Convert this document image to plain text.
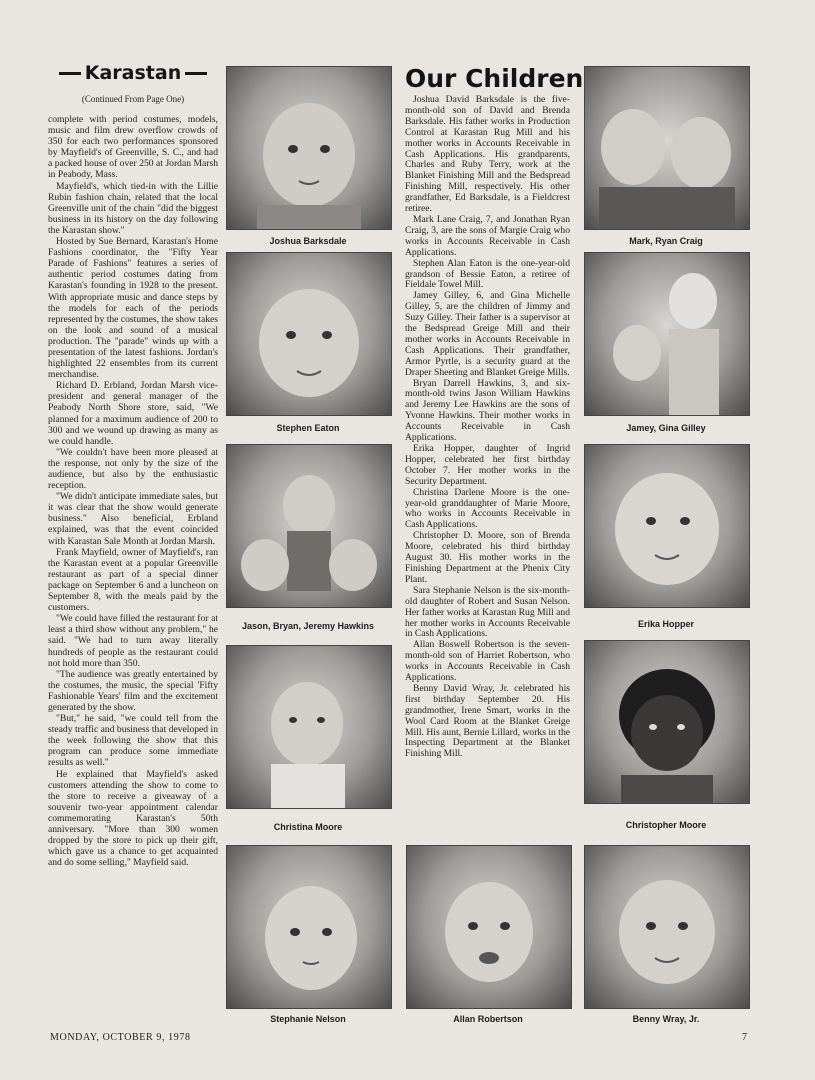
Karastan
(Continued From Page One)

complete with period costumes, models, music and film drew overflow crowds of 350 for each two performances sponsored by Mayfield's of Greenville, S. C., and had a packed house of over 250 at Jordan Marsh in Peabody, Mass.

Mayfield's, which tied-in with the Lillie Rubin fashion chain, related that the local Greenville unit of the chain "did the biggest business in its history on the day following the Karastan show."

Hosted by Sue Bernard, Karastan's Home Fashions coordinator, the "Fifty Year Parade of Fashions" features a series of authentic period costumes dating from Karastan's founding in 1928 to the present. With appropriate music and dance steps by the models for each of the periods represented by the costumes, the show takes on the look and sound of a musical production. The "parade" winds up with a presentation of the latest fashions. Jordan's highlighted 22 ensembles from its current merchandise.

Richard D. Erbland, Jordan Marsh vice-president and general manager of the Peabody North Shore store, said, "We planned for a maximum audience of 200 to 300 and we wound up drawing as many as we could handle.

"We couldn't have been more pleased at the response, not only by the size of the audience, but also by the enthusiastic reception.

"We didn't anticipate immediate sales, but it was clear that the show would generate business." Also beneficial, Erbland explained, was that the event coincided with Karastan Sale Month at Jordan Marsh.

Frank Mayfield, owner of Mayfield's, ran the Karastan event at a popular Greenville restaurant as part of a special dinner package on September 6 and a luncheon on September 8, with the meals paid by the customers.

"We could have filled the restaurant for at least a third show without any problem," he said. "We had to turn away literally hundreds of people as the restaurant could not hold more than 350.

"The audience was greatly entertained by the costumes, the music, the special 'Fifty Fashionable Years' film and the excitement generated by the show.

"But," he said, "we could tell from the steady traffic and business that developed in the week following the show that this program can produce some immediate results as well."

He explained that Mayfield's asked customers attending the show to come to the store to receive a giveaway of a souvenir two-year appointment calendar commemorating Karastan's 50th anniversary. "More than 300 women dropped by the store to pick up their gift, which gave us a chance to get acquainted and do some selling," Mayfield said.

Joshua Barksdale
Stephen Eaton
Jason, Bryan, Jeremy Hawkins
Christina Moore
Stephanie Nelson
Our Children

Joshua David Barksdale is the five-month-old son of David and Brenda Barksdale. His father works in Production Control at Karastan Rug Mill and his mother works in Accounts Receivable in Cash Applications. His grandparents, Charles and Ruby Terry, work at the Blanket Finishing Mill and the Bedspread Finishing Mill, respectively. His other grandfather, Ed Barksdale, is a Fieldcrest retiree.

Mark Lane Craig, 7, and Jonathan Ryan Craig, 3, are the sons of Margie Craig who works in Accounts Receivable in Cash Applications.

Stephen Alan Eaton is the one-year-old grandson of Bessie Eaton, a retiree of Fieldale Towel Mill.

Jamey Gilley, 6, and Gina Michelle Gilley, 5, are the children of Jimmy and Suzy Gilley. Their father is a supervisor at the Bedspread Greige Mill and their mother works in Accounts Receivable in Cash Applications. Their grandfather, Armor Pyrtle, is a security guard at the Draper Sheeting and Blanket Greige Mills.

Bryan Darrell Hawkins, 3, and six-month-old twins Jason William Hawkins and Jeremy Lee Hawkins are the sons of Yvonne Hawkins. Their mother works in Accounts Receivable in Cash Applications.

Erika Hopper, daughter of Ingrid Hopper, celebrated her first birthday October 7. Her mother works in the Security Department.

Christina Darlene Moore is the one-year-old granddaughter of Marie Moore, who works in Accounts Receivable in Cash Applications.

Christopher D. Moore, son of Brenda Moore, celebrated his third birthday August 30. His mother works in the Finishing Department at the Phenix City Plant.

Sara Stephanie Nelson is the six-month-old daughter of Robert and Susan Nelson. Her father works at Karastan Rug Mill and her mother works in Accounts Receivable in Cash Applications.

Allan Boswell Robertson is the seven-month-old son of Harriet Robertson, who works in Accounts Receivable in Cash Applications.

Benny David Wray, Jr. celebrated his first birthday September 20. His grandmother, Irene Smart, works in the Wool Card Room at the Blanket Greige Mill. His aunt, Bernie Lillard, works in the Inspecting Department at the Blanket Finishing Mill.

Allan Robertson
Mark, Ryan Craig
Jamey, Gina Gilley
Erika Hopper
Christopher Moore
Benny Wray, Jr.
MONDAY, OCTOBER 9, 1978	7
